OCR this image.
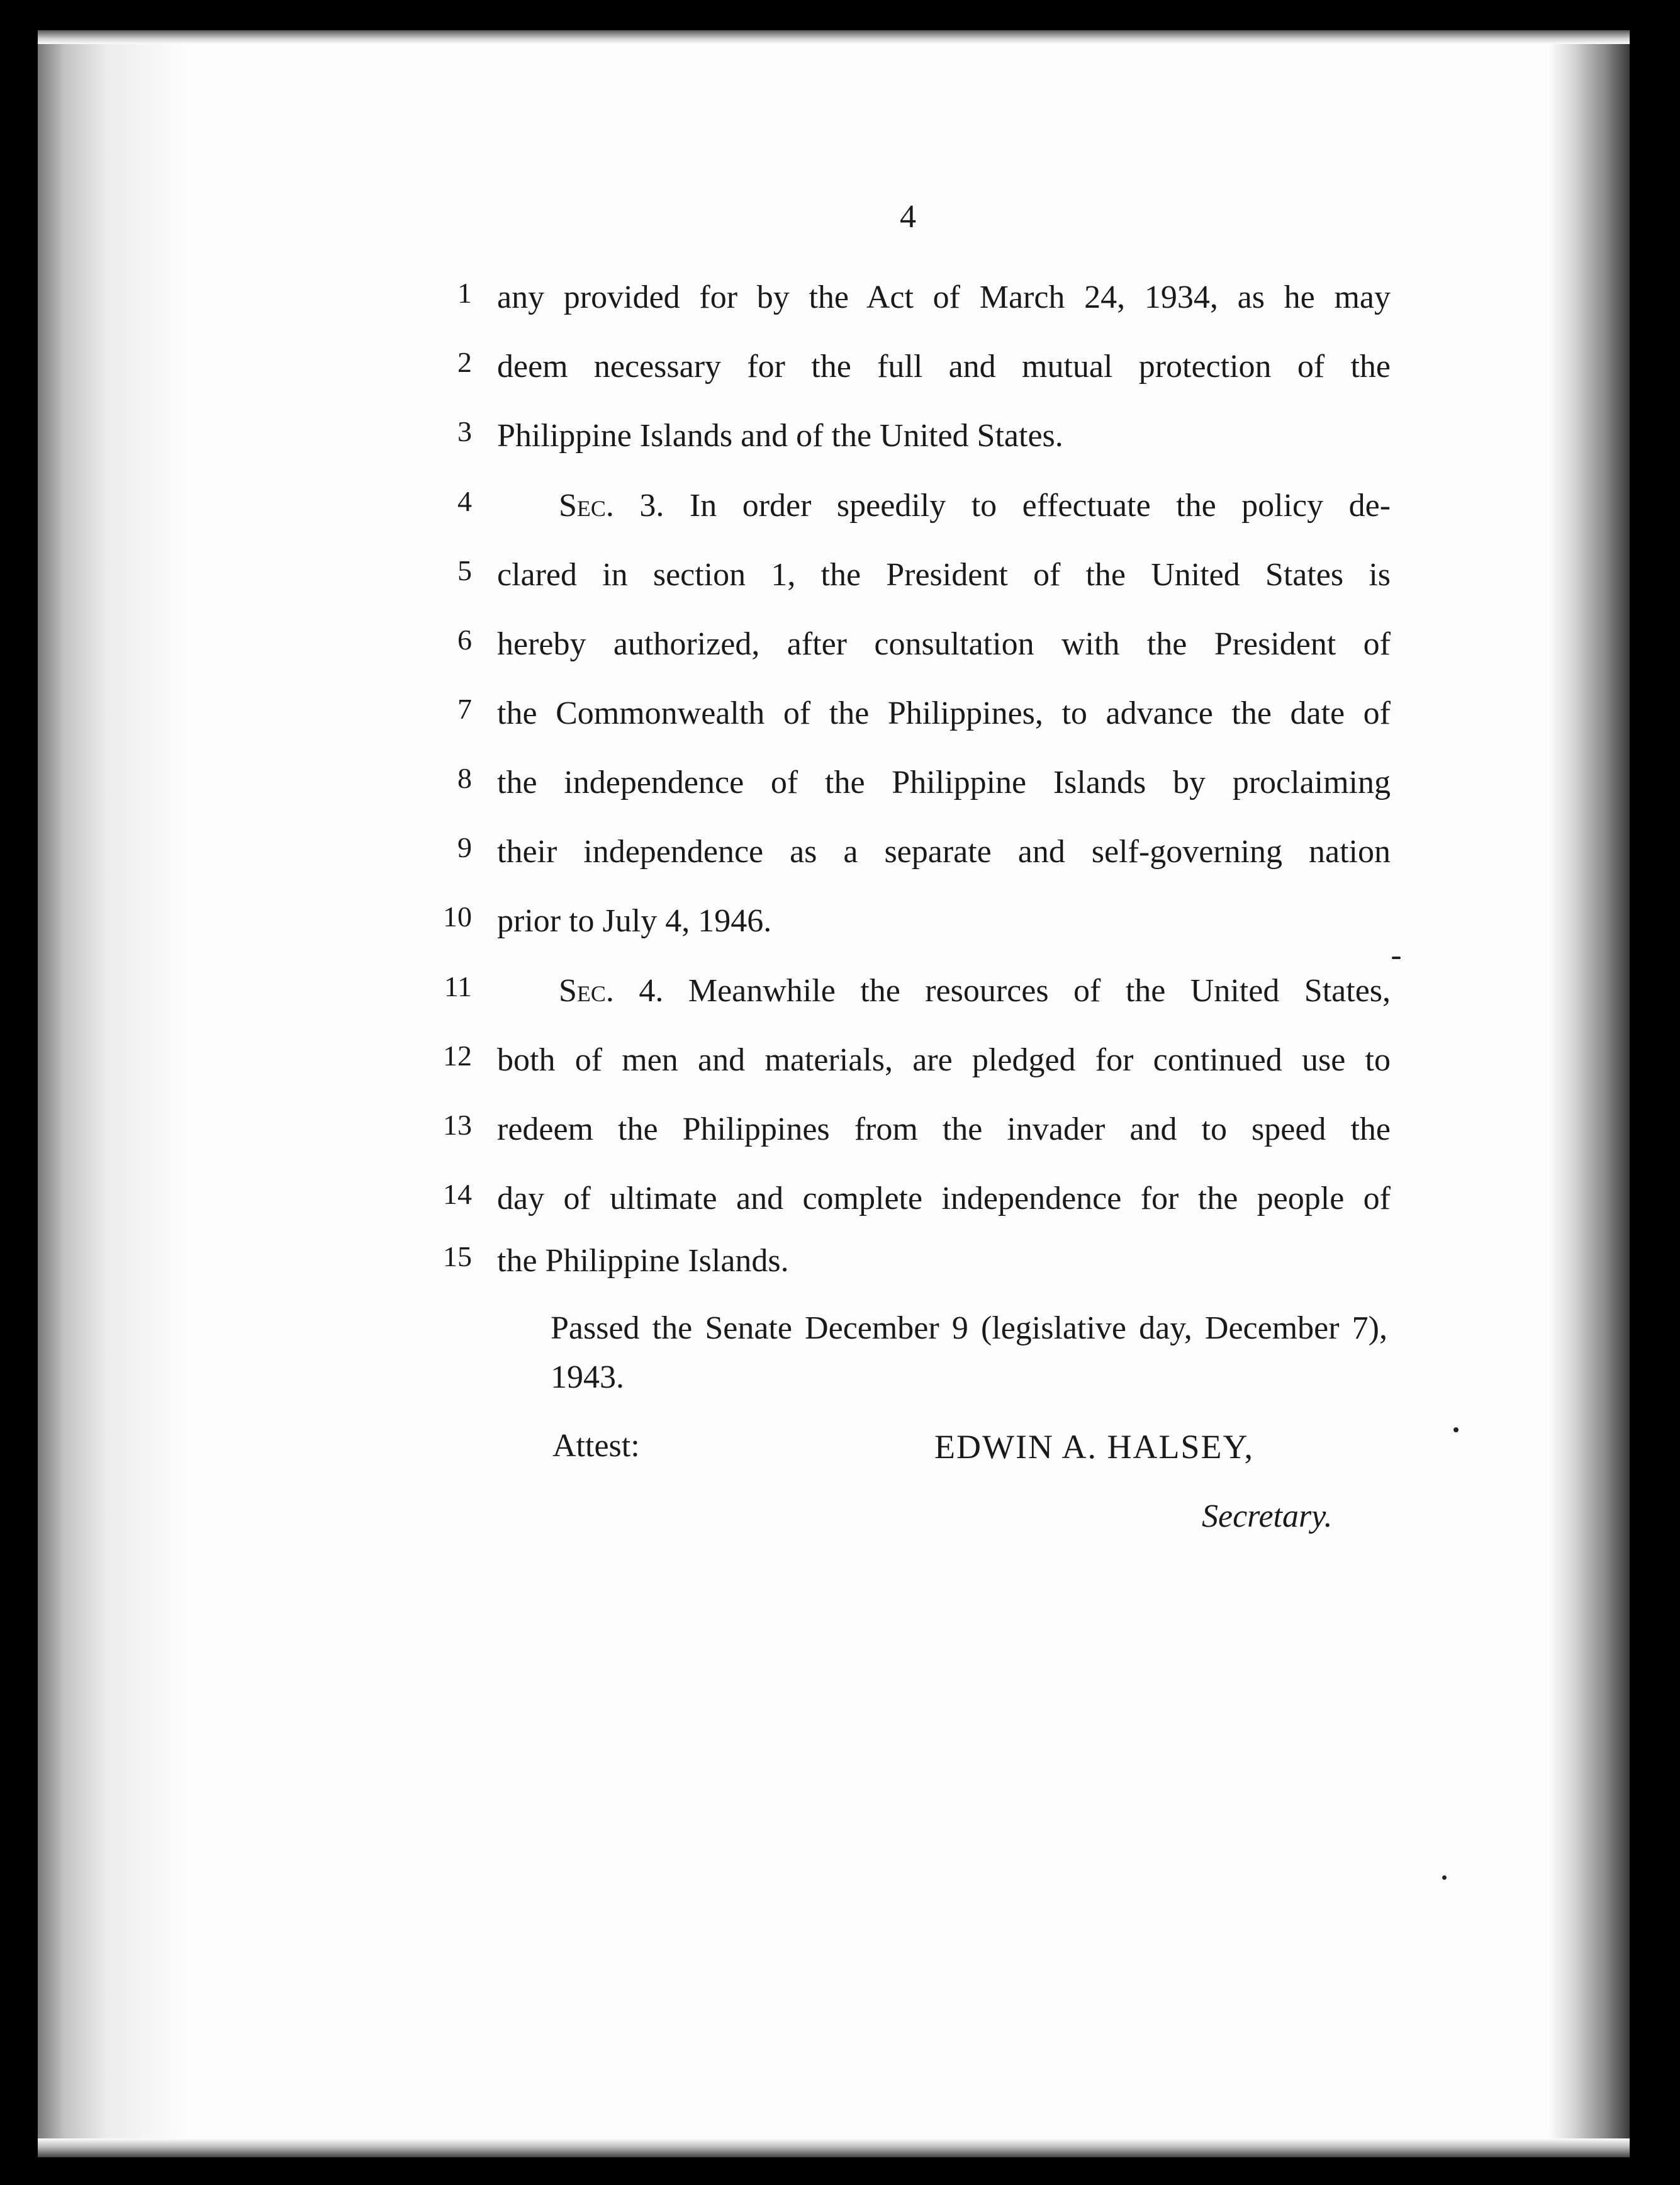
4
1 any provided for by the Act of March 24, 1934, as he may
2 deem necessary for the full and mutual protection of the
3 Philippine Islands and of the United States.
4	Sec. 3. In order speedily to effectuate the policy de-
5 clared in section 1, the President of the United States is
6 hereby authorized, after consultation with the President of
7 the Commonwealth of the Philippines, to advance the date of
8 the independence of the Philippine Islands by proclaiming
9 their independence as a separate and self-governing nation
10 prior to July 4, 1946.
11	Sec. 4. Meanwhile the resources of the United States,
12 both of men and materials, are pledged for continued use to
13 redeem the Philippines from the invader and to speed the
14 day of ultimate and complete independence for the people of
15 the Philippine Islands.
Passed the Senate December 9 (legislative day, December 7), 1943.
Attest:	EDWIN A. HALSEY,
Secretary.
